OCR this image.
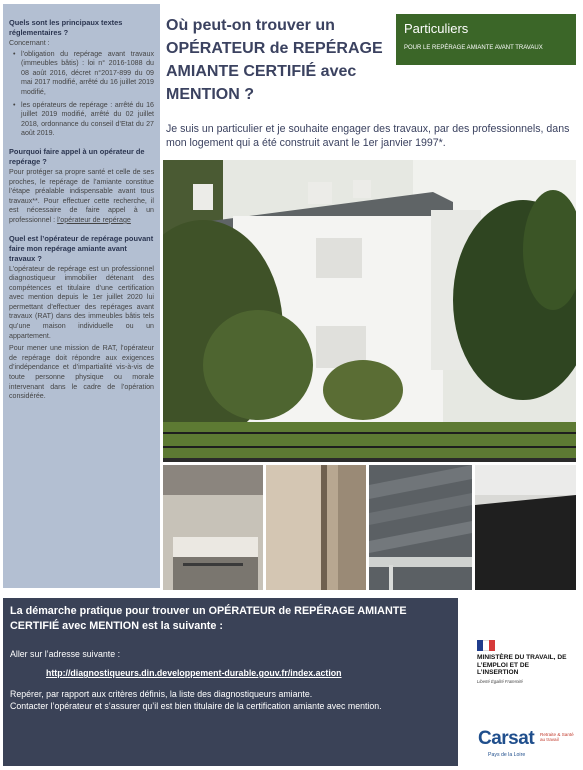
Quels sont les principaux textes réglementaires ?

Concernant :

• l’obligation du repérage avant travaux (immeubles bâtis) : loi n° 2016-1088 du 08 août 2016, décret n°2017-899 du 09 mai 2017 modifié, arrêté du 16 juillet 2019 modifié,
• les opérateurs de repérage : arrêté du 16 juillet 2019 modifié, arrêté du 02 juillet 2018, ordonnance du conseil d’Etat du 27 août 2019.
Pourquoi faire appel à un opérateur de repérage ?

Pour protéger sa propre santé et celle de ses proches, le repérage de l’amiante constitue l’étape préalable indispensable avant tous travaux**. Pour effectuer cette recherche, il est nécessaire de faire appel à un professionnel : l’opérateur de repérage

Quel est l’opérateur de repérage pouvant faire mon repérage amiante avant travaux ?

L’opérateur de repérage est un professionnel diagnostiqueur immobilier détenant des compétences et titulaire d’une certification avec mention depuis le 1er juillet 2020 lui permettant d’effectuer des repérages avant travaux (RAT) dans des immeubles bâtis tels qu’une maison individuelle ou un appartement.

Pour mener une mission de RAT, l’opérateur de repérage doit répondre aux exigences d’indépendance et d’impartialité vis-à-vis de toute personne physique ou morale intervenant dans le cadre de l’opération considérée.

Où peut-on trouver un
OPÉRATEUR de REPÉRAGE
AMIANTE CERTIFIÉ avec MENTION ?
Particuliers
POUR LE REPÉRAGE AMIANTE AVANT TRAVAUX

Je suis un particulier et je souhaite engager des travaux, par des professionnels, dans mon logement qui a été construit avant le 1er janvier 1997*.

La démarche pratique pour trouver un OPÉRATEUR de REPÉRAGE AMIANTE CERTIFIÉ avec MENTION est la suivante :
Aller sur l’adresse suivante :
http://diagnostiqueurs.din.developpement-durable.gouv.fr/index.action
Repérer, par rapport aux critères définis, la liste des diagnostiqueurs amiante.
Contacter l’opérateur et s’assurer qu’il est bien titulaire de la certification amiante avec mention.
MINISTÈRE DU TRAVAIL, DE L’EMPLOI ET DE L’INSERTION
Liberté Égalité Fraternité
Carsat Retraite & Santé au travail
Pays de la Loire
